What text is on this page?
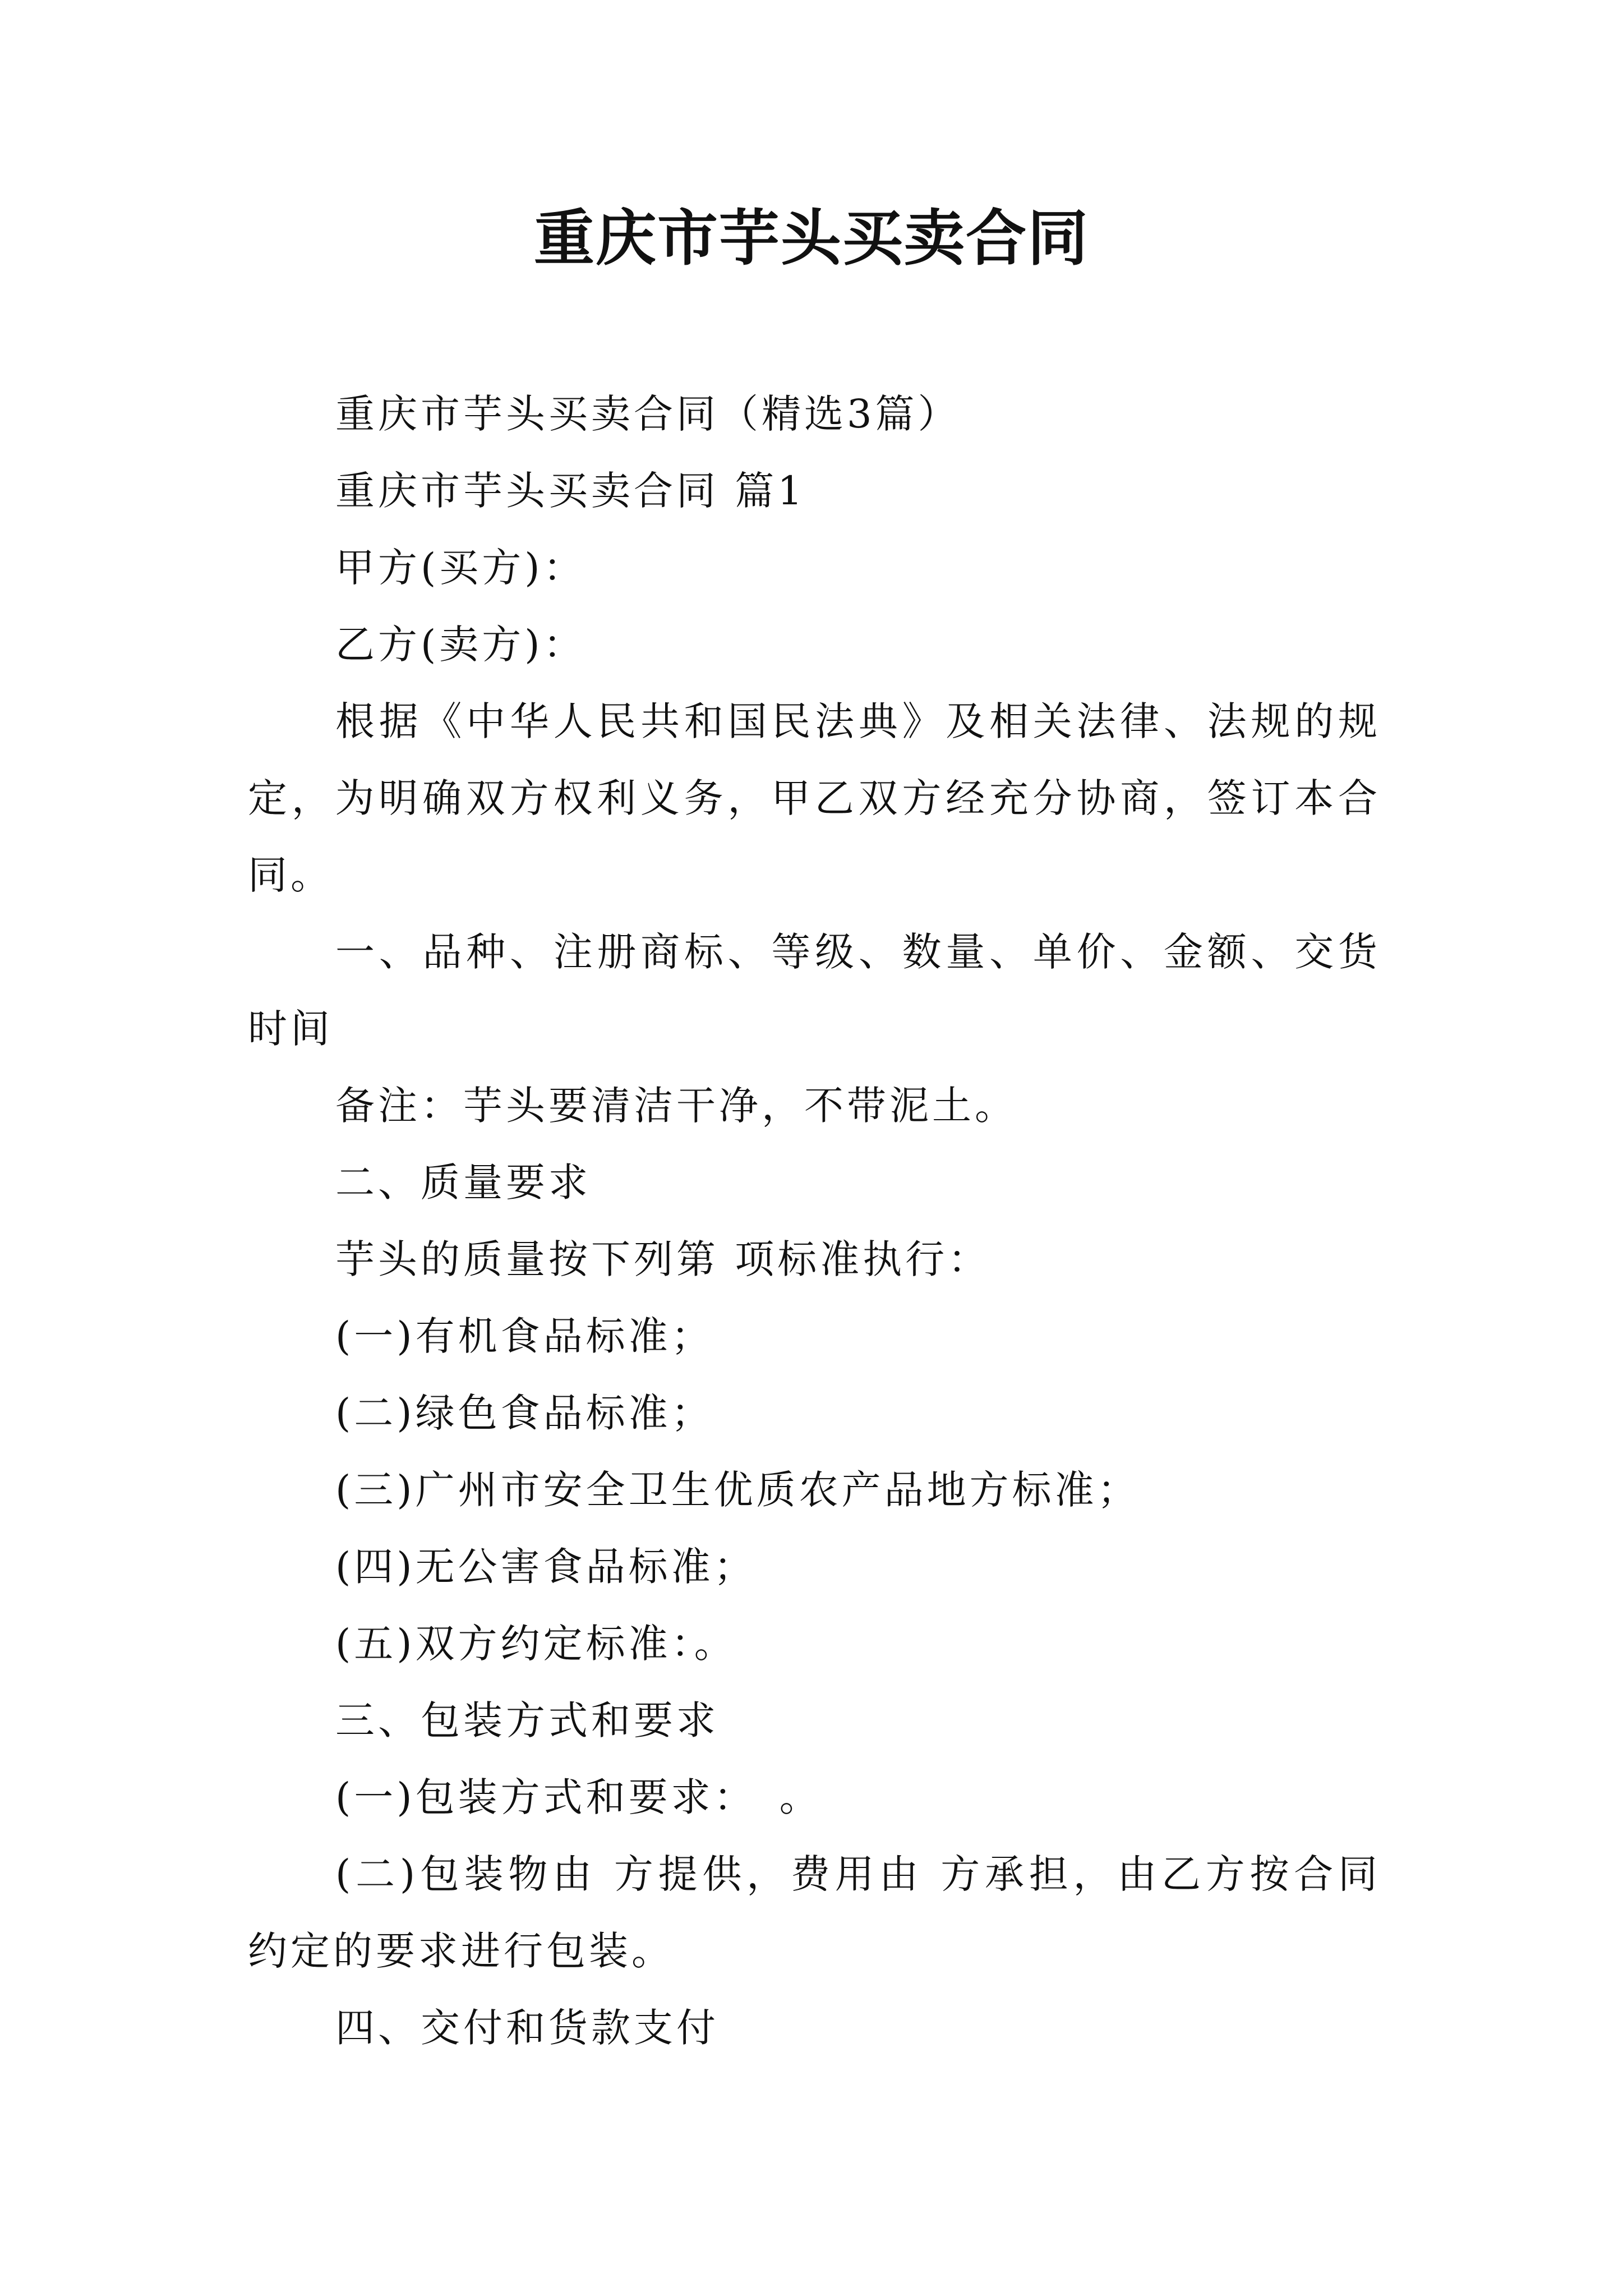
重庆市芋头买卖合同

重庆市芋头买卖合同（精选3篇）

重庆市芋头买卖合同 篇1

甲方(买方)：

乙方(卖方)：

根据《中华人民共和国民法典》及相关法律、法规的规定，为明确双方权利义务，甲乙双方经充分协商，签订本合同。

一、品种、注册商标、等级、数量、单价、金额、交货时间

备注：芋头要清洁干净，不带泥土。

二、质量要求

芋头的质量按下列第 项标准执行：

(一)有机食品标准；

(二)绿色食品标准；

(三)广州市安全卫生优质农产品地方标准；

(四)无公害食品标准；

(五)双方约定标准：。

三、包装方式和要求

(一)包装方式和要求：　。

(二)包装物由 方提供，费用由 方承担，由乙方按合同约定的要求进行包装。

四、交付和货款支付
